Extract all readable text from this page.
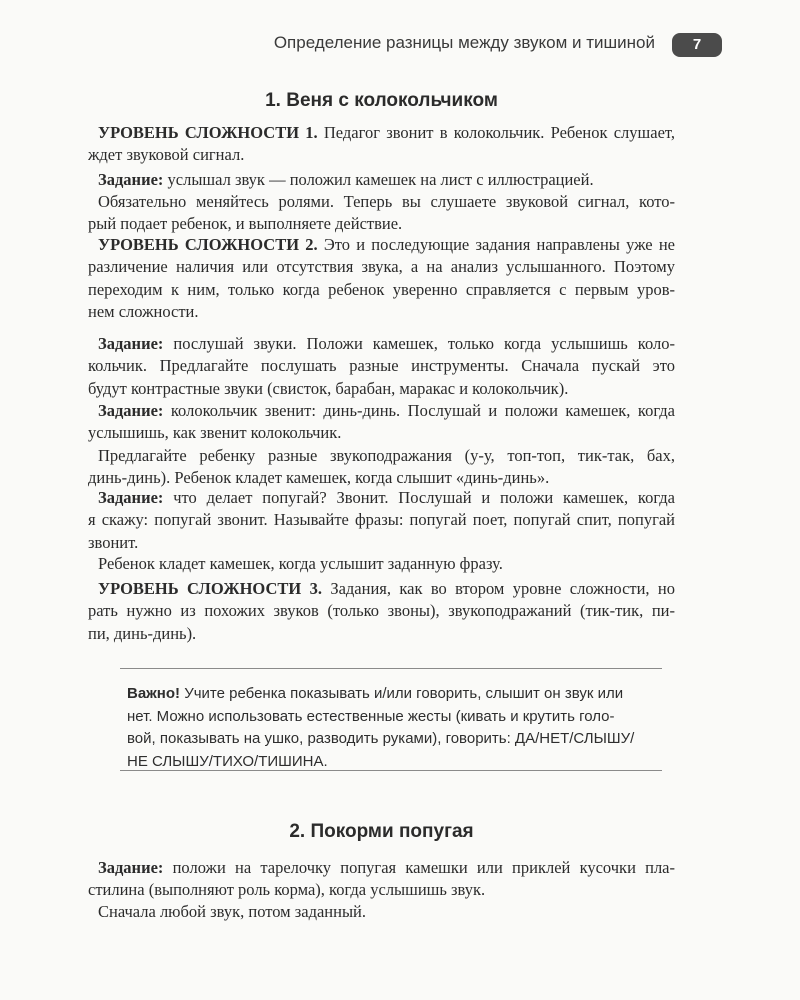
Определение разницы между звуком и тишиной	7
1. Веня с колокольчиком
УРОВЕНЬ СЛОЖНОСТИ 1. Педагог звонит в колокольчик. Ребенок слушает,
ждет звуковой сигнал.
Задание: услышал звук — положил камешек на лист с иллюстрацией.
Обязательно меняйтесь ролями. Теперь вы слушаете звуковой сигнал, кото-
рый подает ребенок, и выполняете действие.
УРОВЕНЬ СЛОЖНОСТИ 2. Это и последующие задания направлены уже не
различение наличия или отсутствия звука, а на анализ услышанного. Поэтому
переходим к ним, только когда ребенок уверенно справляется с первым уров-
нем сложности.
Задание: послушай звуки. Положи камешек, только когда услышишь коло-
кольчик. Предлагайте послушать разные инструменты. Сначала пускай это
будут контрастные звуки (свисток, барабан, маракас и колокольчик).
Задание: колокольчик звенит: динь-динь. Послушай и положи камешек, когда
услышишь, как звенит колокольчик.
Предлагайте ребенку разные звукоподражания (у-у, топ-топ, тик-так, бах,
динь-динь). Ребенок кладет камешек, когда слышит «динь-динь».
Задание: что делает попугай? Звонит. Послушай и положи камешек, когда
я скажу: попугай звонит. Называйте фразы: попугай поет, попугай спит, попугай
звонит.
Ребенок кладет камешек, когда услышит заданную фразу.
УРОВЕНЬ СЛОЖНОСТИ 3. Задания, как во втором уровне сложности, но
рать нужно из похожих звуков (только звоны), звукоподражаний (тик-тик, пи-
пи, динь-динь).
Важно! Учите ребенка показывать и/или говорить, слышит он звук или
нет. Можно использовать естественные жесты (кивать и крутить голо-
вой, показывать на ушко, разводить руками), говорить: ДА/НЕТ/СЛЫШУ/
НЕ СЛЫШУ/ТИХО/ТИШИНА.
2. Покорми попугая
Задание: положи на тарелочку попугая камешки или приклей кусочки пла-
стилина (выполняют роль корма), когда услышишь звук.
Сначала любой звук, потом заданный.
